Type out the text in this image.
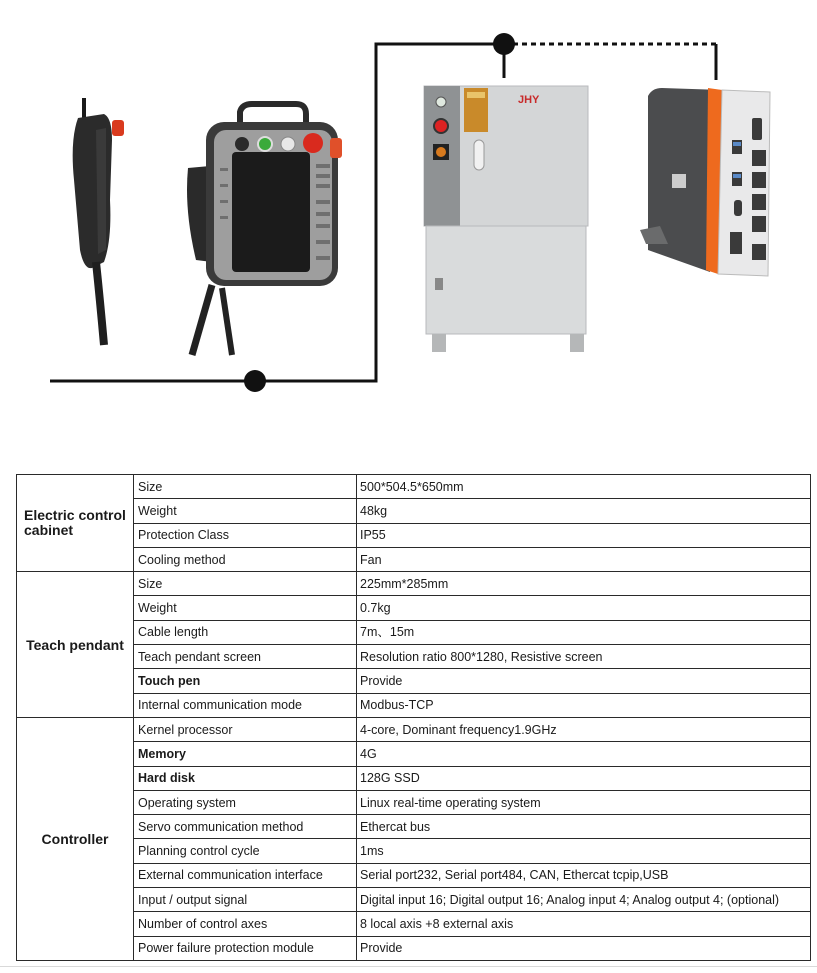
JHY
Electric control cabinet	Size	500*504.5*650mm
	Weight	48kg
	Protection Class	IP55
	Cooling method	Fan
Teach pendant	Size	225mm*285mm
	Weight	0.7kg
	Cable length	7m、15m
	Teach pendant screen	Resolution ratio 800*1280, Resistive screen
	Touch pen	Provide
	Internal communication mode	Modbus-TCP
Controller	Kernel processor	4-core, Dominant frequency1.9GHz
	Memory	4G
	Hard disk	128G SSD
	Operating system	Linux real-time operating system
	Servo communication method	Ethercat bus
	Planning control cycle	1ms
	External communication interface	Serial port232, Serial port484, CAN, Ethercat tcpip,USB
	Input / output signal	Digital input 16; Digital output 16; Analog input 4; Analog output 4; (optional)
	Number of control axes	8 local axis +8 external axis
	Power failure protection module	Provide
